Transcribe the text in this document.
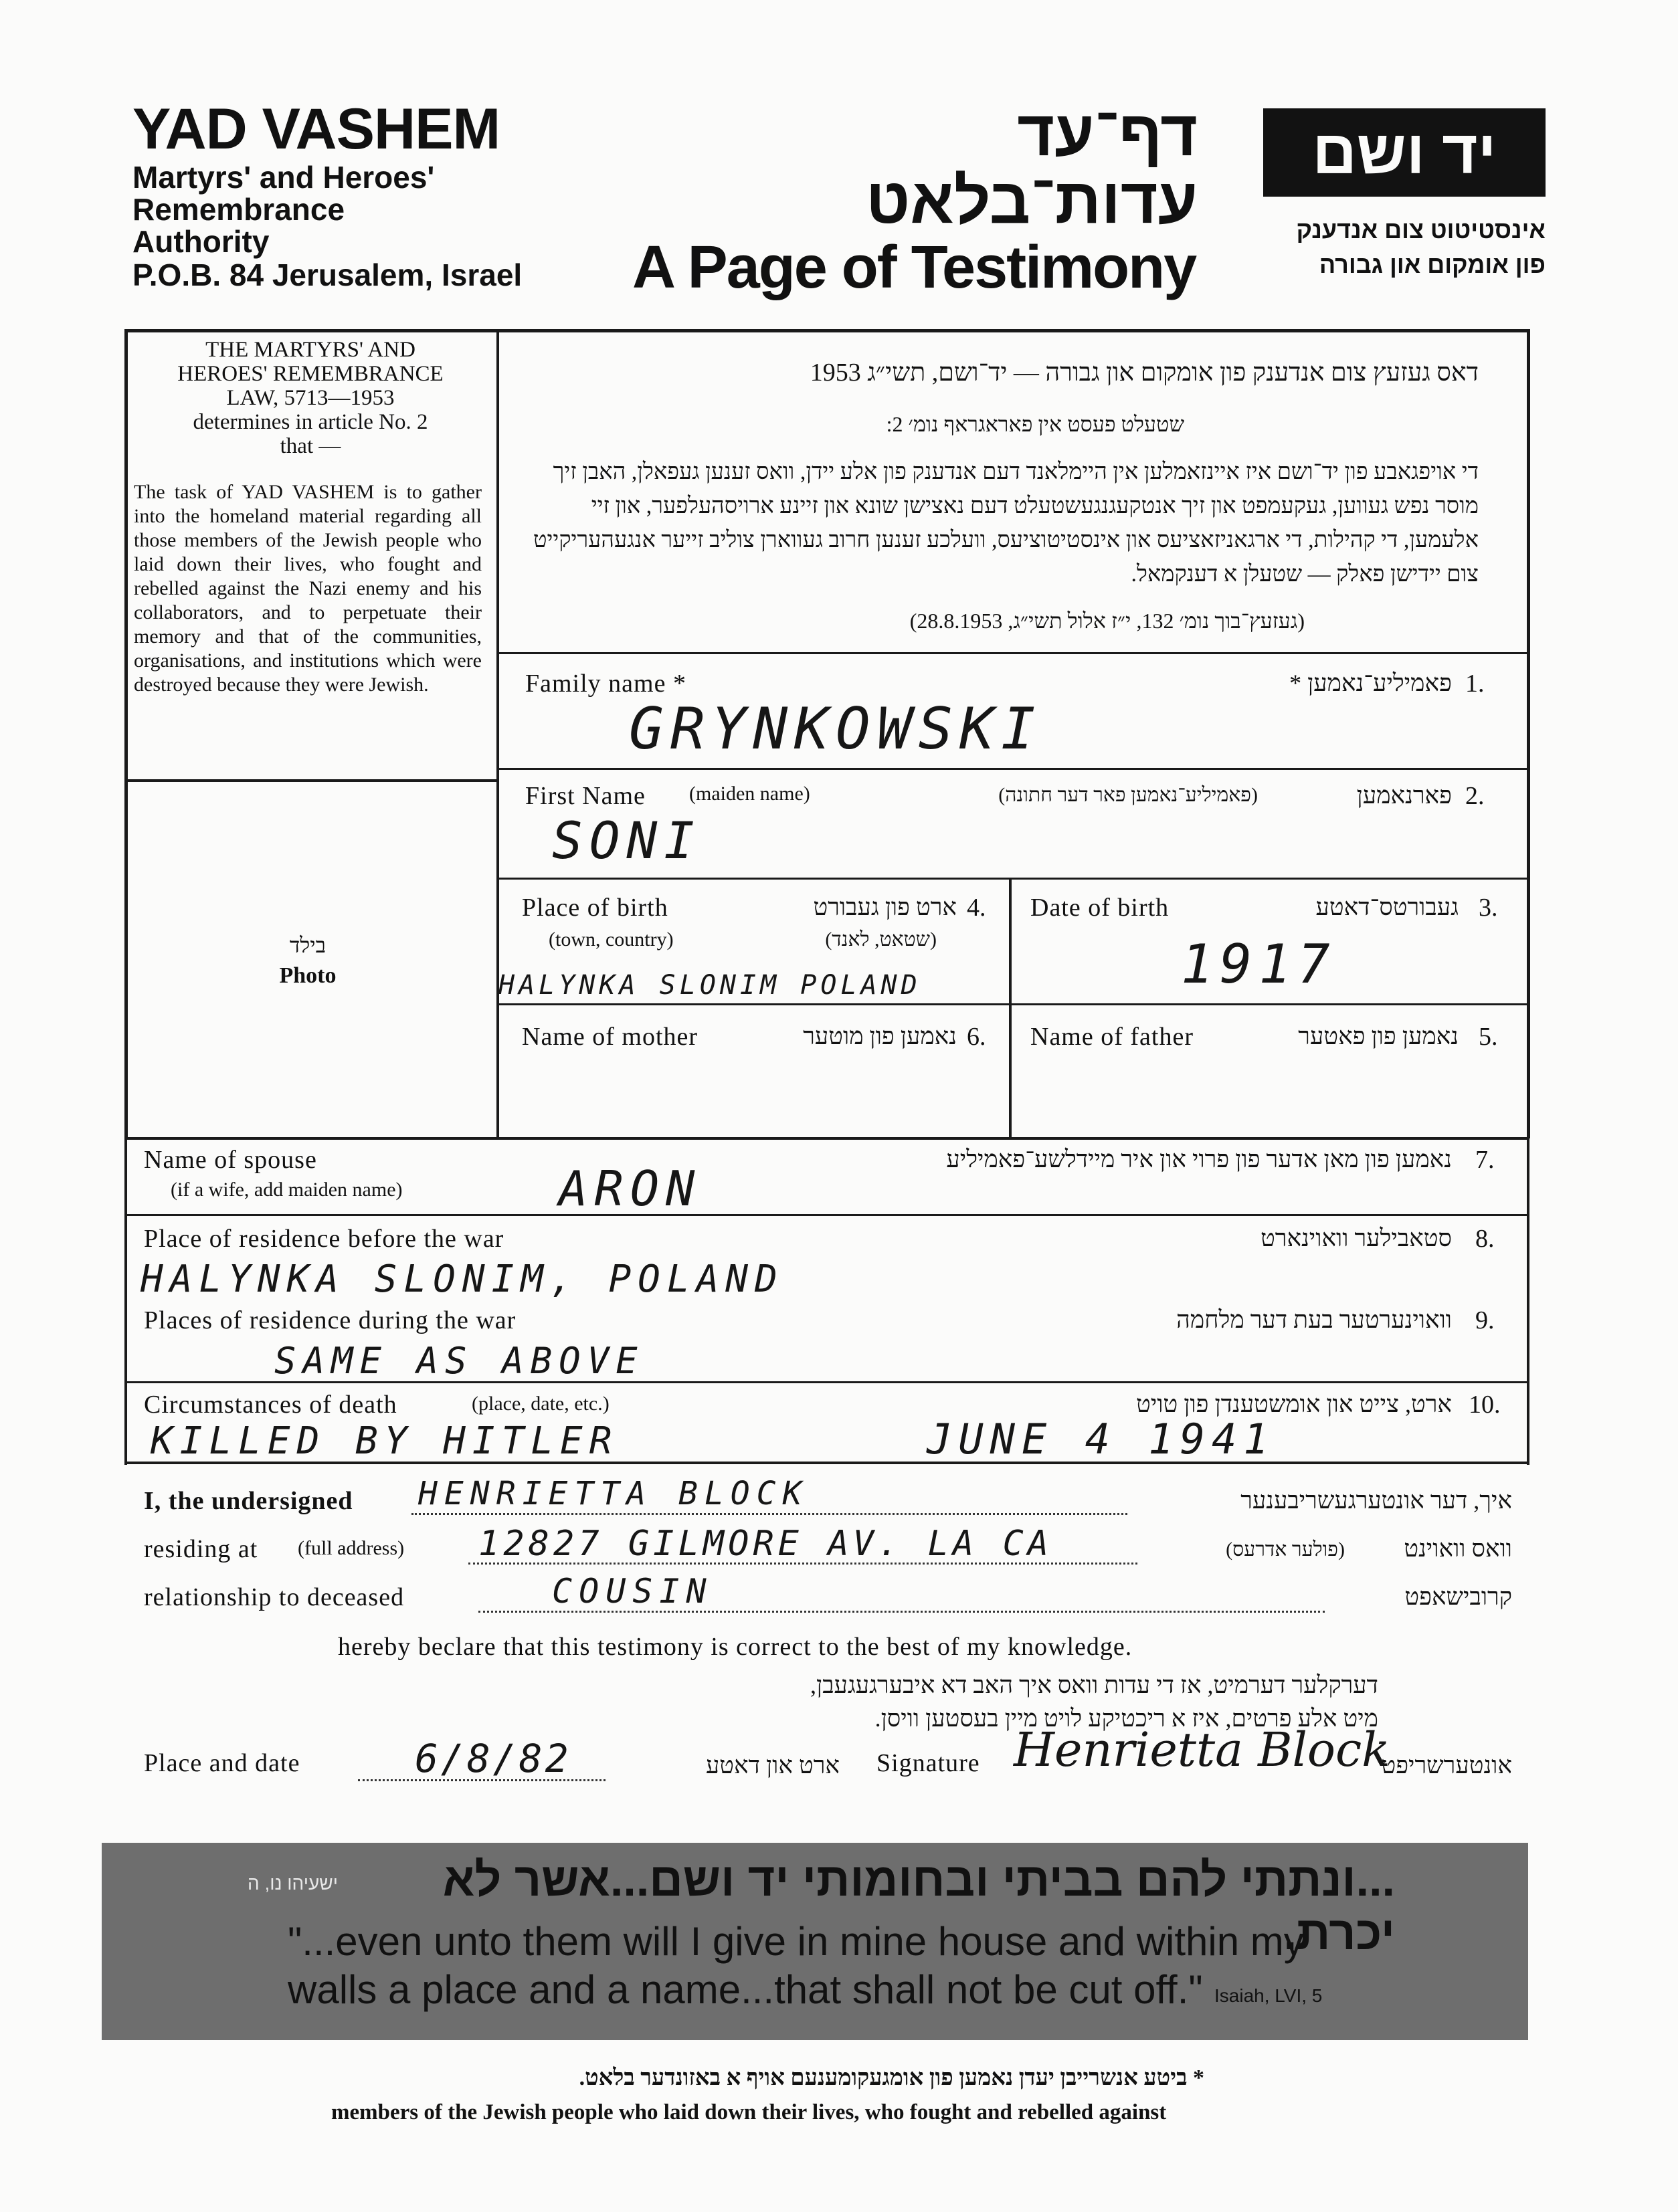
YAD VASHEM
Martyrs' and Heroes'
Remembrance
Authority
P.O.B. 84 Jerusalem, Israel
דף־עד
עדות־בלאט
A Page of Testimony
יד ושם
אינסטיטוט צום אנדענק
פון אומקום און גבורה
THE MARTYRS' AND
HEROES' REMEMBRANCE
LAW, 5713—1953
determines in article No. 2
that —
The task of YAD VASHEM is to gather into the homeland material regarding all those members of the Jewish people who laid down their lives, who fought and rebelled against the Nazi enemy and his collaborators, and to perpetuate their memory and that of the communities, organisations, and institutions which were destroyed because they were Jewish.
בילד
Photo
דאס געזעץ צום אנדענק פון אומקום און גבורה — יד־ושם, תשי״ג 1953
שטעלט פעסט אין פאראגראף נומ׳ 2:
די אויפגאבע פון יד־ושם איז איינזאמלען אין היימלאנד דעם אנדענק פון אלע יידן, וואס זענען געפאלן, האבן זיך מוסר נפש געווען, געקעמפט און זיך אנטקעגנגעשטעלט דעם נאצישן שונא און זיינע ארויסהעלפער, און זיי אלעמען, די קהילות, די ארגאניזאציעס און אינסטיטוציעס, וועלכע זענען חרוב געווארן צוליב זייער אנגעהעריקייט צום יידישן פאלק — שטעלן א דענקמאל.
(געזעץ־בוך נומ׳ 132, י״ז אלול תשי״ג, 28.8.1953)
Family name *	פאמיליע־נאמען * 1.
GRYNKOWSKI
First Name (maiden name)	(פאמיליע־נאמען פאר דער חתונה)	פארנאמען 2.
SONI
Place of birth	ארט פון געבורט 4.
(town, country)	(שטאט, לאנד)
HALYNKA SLONIM POLAND
Date of birth	געבורטס־דאטע 3.
1917
Name of mother	נאמען פון מוטער 6. Name of father	נאמען פון פאטער 5.
Name of spouse
(if a wife, add maiden name)
נאמען פון מאן אדער פון פרוי און איר מיידלשע־פאמיליע 7.
ARON
Place of residence before the war	סטאבילער וואוינארט 8.
HALYNKA SLONIM, POLAND
Places of residence during the war	וואוינערטער בעת דער מלחמה 9.
SAME AS ABOVE
Circumstances of death	(place, date, etc.)	ארט, צייט און אומשטענדן פון טויט 10.
KILLED BY HITLER	JUNE 4 1941
I, the undersigned HENRIETTA BLOCK	איך, דער אונטערגעשריבענער
residing at (full address) 12827 GILMORE AV. LA CA	(פולער אדרעס)	וואס וואוינט
relationship to deceased	COUSIN	קרובישאפט
hereby beclare that this testimony is correct to the best of my knowledge.
דערקלער דערמיט, אז די עדות וואס איך האב דא איבערגעגעבן,
מיט אלע פרטים, איז א ריכטיקע לויט מיין בעסטען וויסן.
Place and date	6/8/82	ארט און דאטע Signature Henrietta Block
אונטערשריפט
...ונתתי להם בביתי ובחומותי יד ושם...אשר לא יכרת.
ישעיהו נו, ה
"...even unto them will I give in mine house and within my
walls a place and a name...that shall not be cut off." Isaiah, LVI, 5
* ביטע אנשרייבן יעדן נאמען פון אומגעקומענעם אויף א באזונדער בלאט.
members of the Jewish people who laid down their lives, who fought and rebelled against
